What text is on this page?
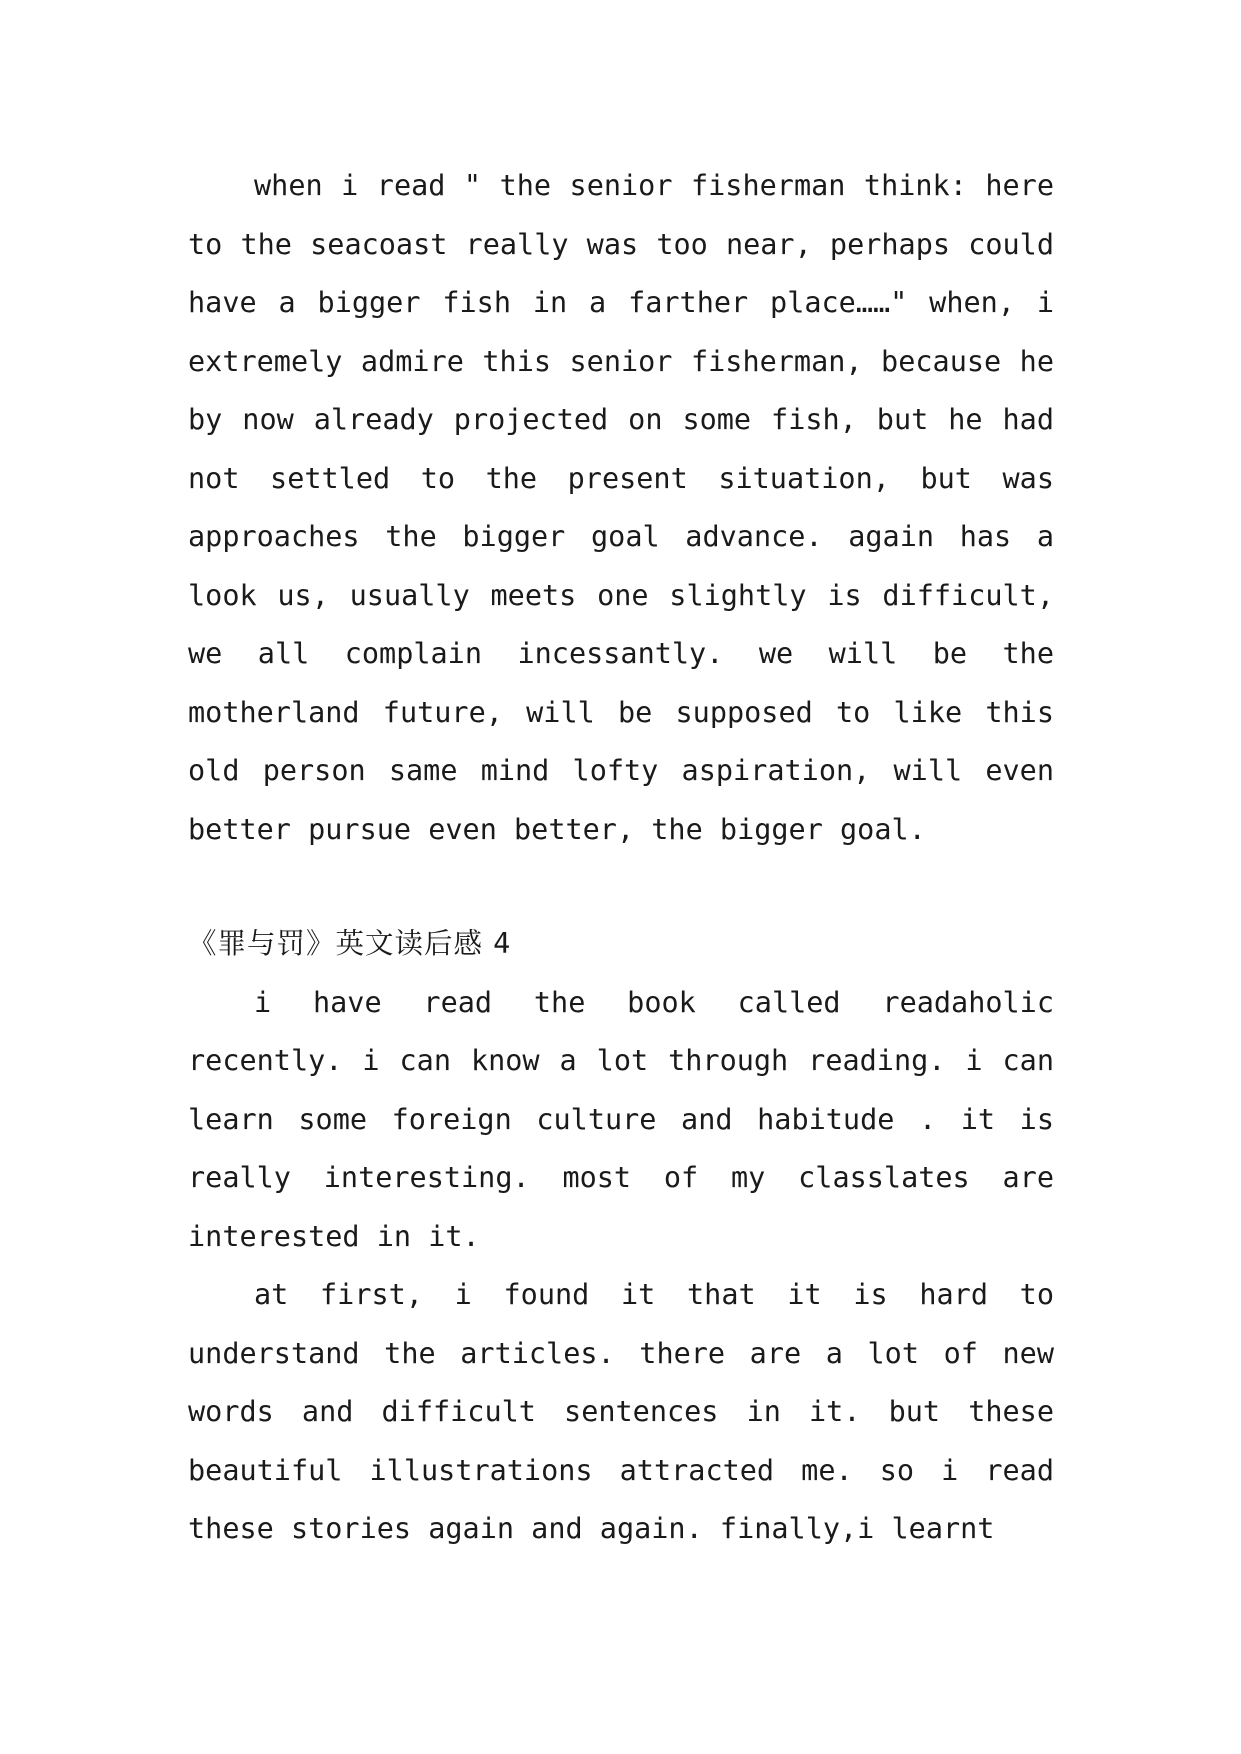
when i read " the senior fisherman think: here to the seacoast really was too near, perhaps could have a bigger fish in a farther place……" when, i extremely admire this senior fisherman, because he by now already projected on some fish, but he had not settled to the present situation, but was approaches the bigger goal advance. again has a look us, usually meets one slightly is difficult, we all complain incessantly. we will be the motherland future, will be supposed to like this old person same mind lofty aspiration, will even better pursue even better, the bigger goal.

《罪与罚》英文读后感 4

i have read the book called readaholic recently. i can know a lot through reading. i can learn some foreign culture and habitude . it is really interesting. most of my classlates are interested in it.

at first, i found it that it is hard to understand the articles. there are a lot of new words and difficult sentences in it. but these beautiful illustrations attracted me. so i read these stories again and again. finally,i learnt
